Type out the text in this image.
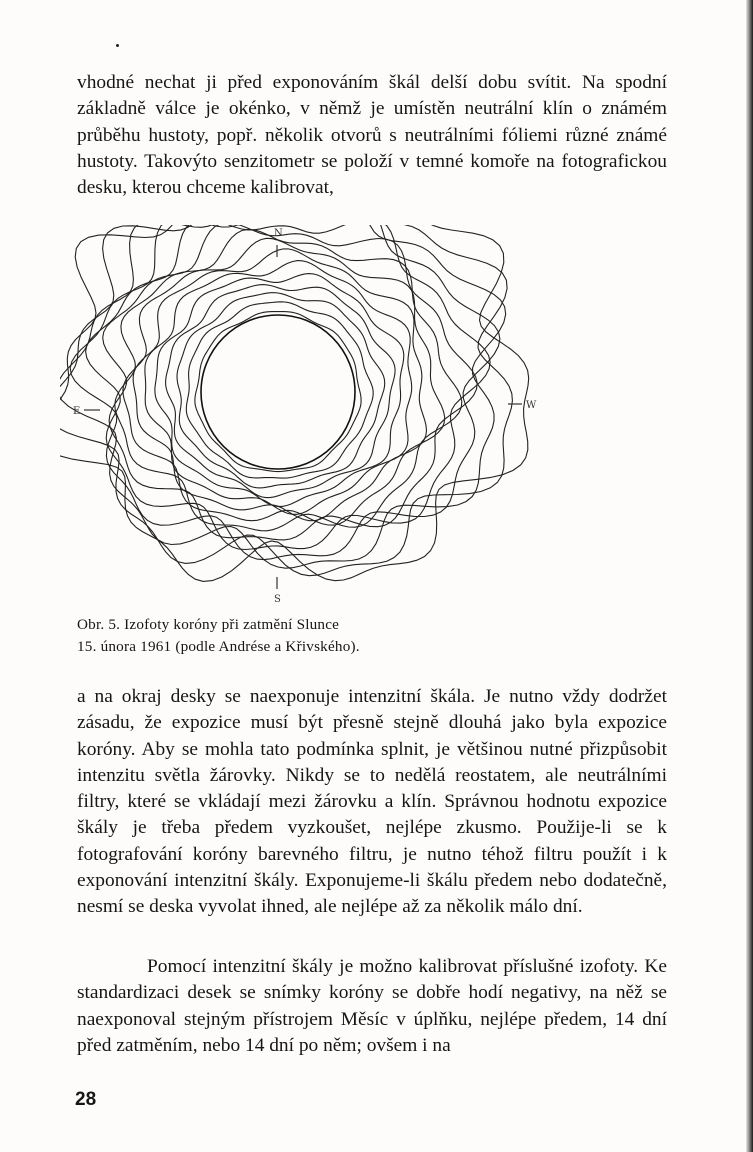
vhodné nechat ji před exponováním škál delší dobu svítit. Na spodní základně válce je okénko, v němž je umístěn neutrální klín o známém průběhu hustoty, popř. několik otvorů s neutrálními fóliemi různé známé hustoty. Takovýto senzitometr se položí v temné komoře na fotografickou desku, kterou chceme kalibrovat,

N
S
E
W

Obr. 5. Izofoty koróny při zatmění Slunce
15. února 1961 (podle Andrése a Křivského).

a na okraj desky se naexponuje intenzitní škála. Je nutno vždy dodržet zásadu, že expozice musí být přesně stejně dlouhá jako byla expozice koróny. Aby se mohla tato podmínka splnit, je většinou nutné přizpůsobit intenzitu světla žárovky. Nikdy se to nedělá reostatem, ale neutrálními filtry, které se vkládají mezi žárovku a klín. Správnou hodnotu expozice škály je třeba předem vyzkoušet, nejlépe zkusmo. Použije-li se k fotografování koróny barevného filtru, je nutno téhož filtru použít i k exponování intenzitní škály. Exponujeme-li škálu předem nebo dodatečně, nesmí se deska vyvolat ihned, ale nejlépe až za několik málo dní.

Pomocí intenzitní škály je možno kalibrovat příslušné izofoty. Ke standardizaci desek se snímky koróny se dobře hodí negativy, na něž se naexponoval stejným přístrojem Měsíc v úplňku, nejlépe předem, 14 dní před zatměním, nebo 14 dní po něm; ovšem i na

28
